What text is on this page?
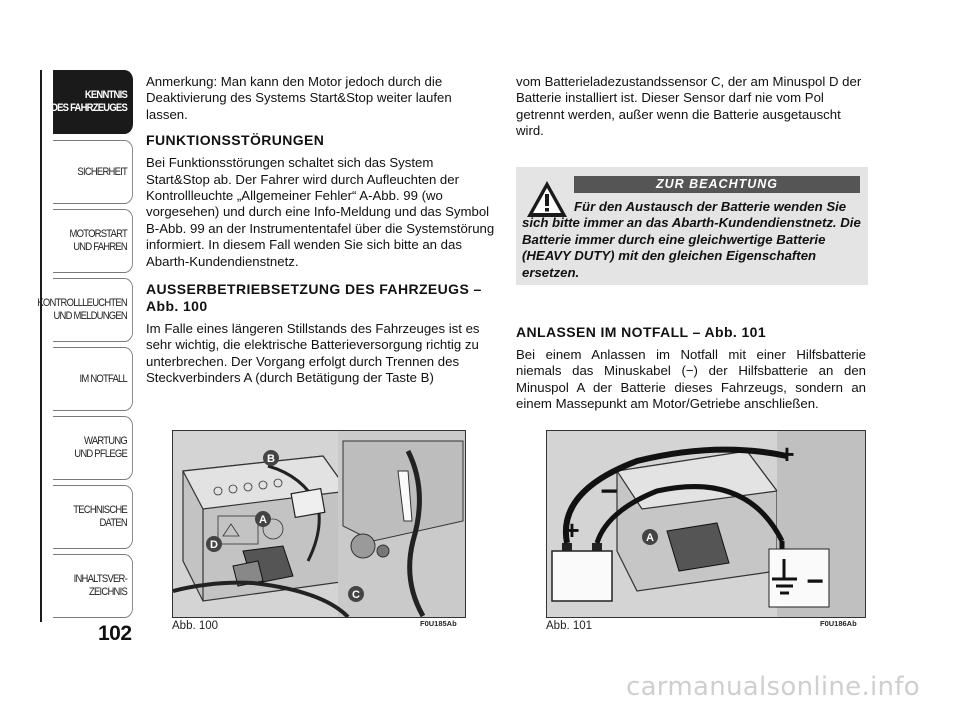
KENNTNIS
DES FAHRZEUGES
SICHERHEIT
MOTORSTART
UND FAHREN
KONTROLLLEUCHTEN
UND MELDUNGEN
IM NOTFALL
WARTUNG
UND PFLEGE
TECHNISCHE
DATEN
INHALTSVER-
ZEICHNIS
102

Anmerkung: Man kann den Motor jedoch durch die Deaktivierung des Systems Start&Stop weiter laufen lassen.

FUNKTIONSSTÖRUNGEN

Bei Funktionsstörungen schaltet sich das System Start&Stop ab. Der Fahrer wird durch Aufleuchten der Kontrollleuchte „Allgemeiner Fehler“ A-Abb. 99 (wo vorgesehen) und durch eine Info-Meldung und das Symbol B-Abb. 99 an der Instrumententafel über die Systemstörung informiert. In diesem Fall wenden Sie sich bitte an das Abarth-Kundendienstnetz.

AUSSERBETRIEBSETZUNG DES FAHRZEUGS – Abb. 100

Im Falle eines längeren Stillstands des Fahrzeuges ist es sehr wichtig, die elektrische Batterieversorgung richtig zu unterbrechen. Der Vorgang erfolgt durch Trennen des Steckverbinders A (durch Betätigung der Taste B)

vom Batterieladezustandssensor C, der am Minuspol D der Batterie installiert ist. Dieser Sensor darf nie vom Pol getrennt werden, außer wenn die Batterie ausgetauscht wird.

ZUR BEACHTUNG
Für den Austausch der Batterie wenden Sie sich bitte immer an das Abarth-Kundendienstnetz. Die Batterie immer durch eine gleichwertige Batterie (HEAVY DUTY) mit den gleichen Eigenschaften ersetzen.

ANLASSEN IM NOTFALL – Abb. 101

Bei einem Anlassen im Notfall mit einer Hilfsbatterie niemals das Minuskabel (−) der Hilfsbatterie an den Minuspol A der Batterie dieses Fahrzeugs, sondern an einem Massepunkt am Motor/Getriebe anschließen.

B
A
D
C
Abb. 100	F0U185Ab
+
−
+
−
A
Abb. 101	F0U186Ab
carmanualsonline.info
